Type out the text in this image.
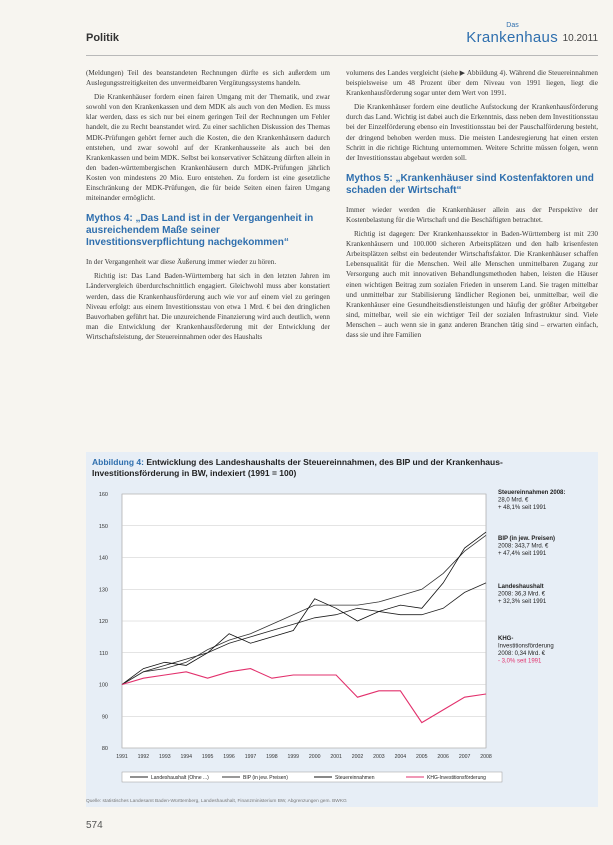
Politik
Das
Krankenhaus 10.2011

(Meldungen) Teil des beanstandeten Rechnungen dürfte es sich außerdem um Auslegungsstreitigkeiten des unvermeidbaren Vergütungssystems handeln.

Die Krankenhäuser fordern einen fairen Umgang mit der Thematik, und zwar sowohl von den Krankenkassen und dem MDK als auch von den Medien. Es muss klar werden, dass es sich nur bei einem geringen Teil der Rechnungen um Fehler handelt, die zu Recht beanstandet wird. Zu einer sachlichen Diskussion des Themas MDK-Prüfungen gehört ferner auch die Kosten, die den Krankenhäusern dadurch entstehen, und zwar sowohl auf der Krankenhausseite als auch bei den Krankenkassen und beim MDK. Selbst bei konservativer Schätzung dürften allein in den baden-württembergischen Krankenhäusern durch MDK-Prüfungen jährlich Kosten von mindestens 20 Mio. Euro entstehen. Zu fordern ist eine gesetzliche Einschränkung der MDK-Prüfungen, die für beide Seiten einen fairen Umgang miteinander ermöglicht.

Mythos 4: „Das Land ist in der Vergangenheit in ausreichendem Maße seiner Investitionsverpflichtung nachgekommen“

In der Vergangenheit war diese Äußerung immer wieder zu hören.

Richtig ist: Das Land Baden-Württemberg hat sich in den letzten Jahren im Ländervergleich überdurchschnittlich engagiert. Gleichwohl muss aber konstatiert werden, dass die Krankenhausförderung auch wie vor auf einem viel zu geringen Niveau erfolgt: aus einem Investitionsstau von etwa 1 Mrd. € bei den dringlichen Bauvorhaben geführt hat. Die unzureichende Finanzierung wird auch deutlich, wenn man die Entwicklung der Krankenhausförderung mit der Entwicklung der Wirtschaftsleistung, der Steuereinnahmen oder des Haushalts

volumens des Landes vergleicht (siehe ▶ Abbildung 4). Während die Steuereinnahmen beispielsweise um 48 Prozent über dem Niveau von 1991 liegen, liegt die Krankenhausförderung sogar unter dem Wert von 1991.

Die Krankenhäuser fordern eine deutliche Aufstockung der Krankenhausförderung durch das Land. Wichtig ist dabei auch die Erkenntnis, dass neben dem Investitionsstau bei der Einzelförderung ebenso ein Investitionsstau bei der Pauschalförderung besteht, der dringend behoben werden muss. Die meisten Landesregierung hat einen ersten Schritt in die richtige Richtung unternommen. Weitere Schritte müssen folgen, wenn der Investitionsstau abgebaut werden soll.

Mythos 5: „Krankenhäuser sind Kostenfaktoren und schaden der Wirtschaft“

Immer wieder werden die Krankenhäuser allein aus der Perspektive der Kostenbelastung für die Wirtschaft und die Beschäftigten betrachtet.

Richtig ist dagegen: Der Krankenhaussektor in Baden-Württemberg ist mit 230 Krankenhäusern und 100.000 sicheren Arbeitsplätzen und den halb krisenfesten Arbeitsplätzen selbst ein bedeutender Wirtschaftsfaktor. Die Krankenhäuser schaffen Lebensqualität für die Menschen. Weil alle Menschen unmittelbaren Zugang zur Versorgung auch mit innovativen Behandlungsmethoden haben, leisten die Häuser einen wichtigen Beitrag zum sozialen Frieden in unserem Land. Sie tragen mittelbar und unmittelbar zur Stabilisierung ländlicher Regionen bei, unmittelbar, weil die Krankenhäuser eine Gesundheitsdienstleistungen und häufig der größter Arbeitgeber sind, mittelbar, weil sie ein wichtiger Teil der sozialen Infrastruktur sind. Viele Menschen – auch wenn sie in ganz anderen Branchen tätig sind – erwarten einfach, dass sie und ihre Familien

Abbildung 4: Entwicklung des Landeshaushalts der Steuereinnahmen, des BIP und der Krankenhaus-Investitionsförderung in BW, indexiert (1991 = 100)
80
90
100
110
120
130
140
150
160
1991 1992 1993 1994 1995 1996 1997 1998 1999 2000 2001 2002 2003 2004 2005 2006 2007 2008
Steuereinnahmen 2008:
28,0 Mrd. €
+ 48,1% seit 1991
BIP (in jew. Preisen)
2008: 343,7 Mrd. €
+ 47,4% seit 1991
Landeshaushalt
2008: 36,3 Mrd. €
+ 32,3% seit 1991
KHG-
Investitionsförderung
2008: 0,34 Mrd. €
- 3,0% seit 1991
Landeshaushalt (Ohne ...)	BIP (in jew. Preisen)	Steuereinnahmen	KHG-Investitionsförderung
Quelle: statistisches Landesamt Baden-Württemberg, Landeshaushalt, Finanzministerium BW, Abgrenzungen gem. BWKG
574
